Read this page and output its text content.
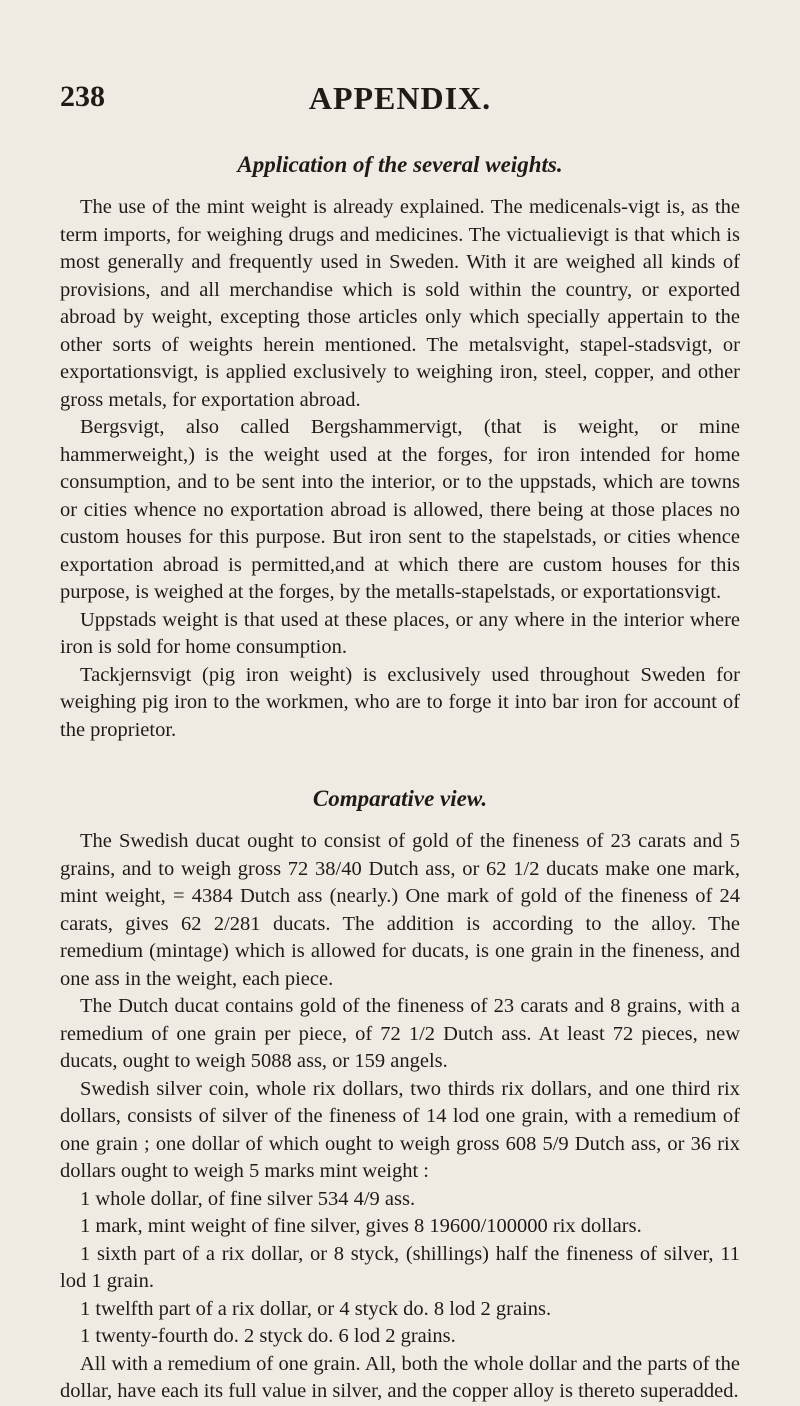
238	APPENDIX.
Application of the several weights.

The use of the mint weight is already explained. The medicenals-vigt is, as the term imports, for weighing drugs and medicines. The victualievigt is that which is most generally and frequently used in Sweden. With it are weighed all kinds of provisions, and all merchandise which is sold within the country, or exported abroad by weight, excepting those articles only which specially appertain to the other sorts of weights herein mentioned. The metalsvight, stapel-stadsvigt, or exportationsvigt, is applied exclusively to weighing iron, steel, copper, and other gross metals, for exportation abroad.

Bergsvigt, also called Bergshammervigt, (that is weight, or mine hammerweight,) is the weight used at the forges, for iron intended for home consumption, and to be sent into the interior, or to the uppstads, which are towns or cities whence no exportation abroad is allowed, there being at those places no custom houses for this purpose. But iron sent to the stapelstads, or cities whence exportation abroad is permitted,and at which there are custom houses for this purpose, is weighed at the forges, by the metalls-stapelstads, or exportationsvigt.

Uppstads weight is that used at these places, or any where in the interior where iron is sold for home consumption.

Tackjernsvigt (pig iron weight) is exclusively used throughout Sweden for weighing pig iron to the workmen, who are to forge it into bar iron for account of the proprietor.

Comparative view.

The Swedish ducat ought to consist of gold of the fineness of 23 carats and 5 grains, and to weigh gross 72 38/40 Dutch ass, or 62 1/2 ducats make one mark, mint weight, = 4384 Dutch ass (nearly.) One mark of gold of the fineness of 24 carats, gives 62 2/281 ducats. The addition is according to the alloy. The remedium (mintage) which is allowed for ducats, is one grain in the fineness, and one ass in the weight, each piece.

The Dutch ducat contains gold of the fineness of 23 carats and 8 grains, with a remedium of one grain per piece, of 72 1/2 Dutch ass. At least 72 pieces, new ducats, ought to weigh 5088 ass, or 159 angels.

Swedish silver coin, whole rix dollars, two thirds rix dollars, and one third rix dollars, consists of silver of the fineness of 14 lod one grain, with a remedium of one grain ; one dollar of which ought to weigh gross 608 5/9 Dutch ass, or 36 rix dollars ought to weigh 5 marks mint weight :

1 whole dollar, of fine silver 534 4/9 ass.

1 mark, mint weight of fine silver, gives 8 19600/100000 rix dollars.

1 sixth part of a rix dollar, or 8 styck, (shillings) half the fineness of silver, 11 lod 1 grain.

1 twelfth part of a rix dollar, or 4 styck do. 8 lod 2 grains.

1 twenty-fourth do. 2 styck do. 6 lod 2 grains.

All with a remedium of one grain. All, both the whole dollar and the parts of the dollar, have each its full value in silver, and the copper alloy is thereto superadded.
